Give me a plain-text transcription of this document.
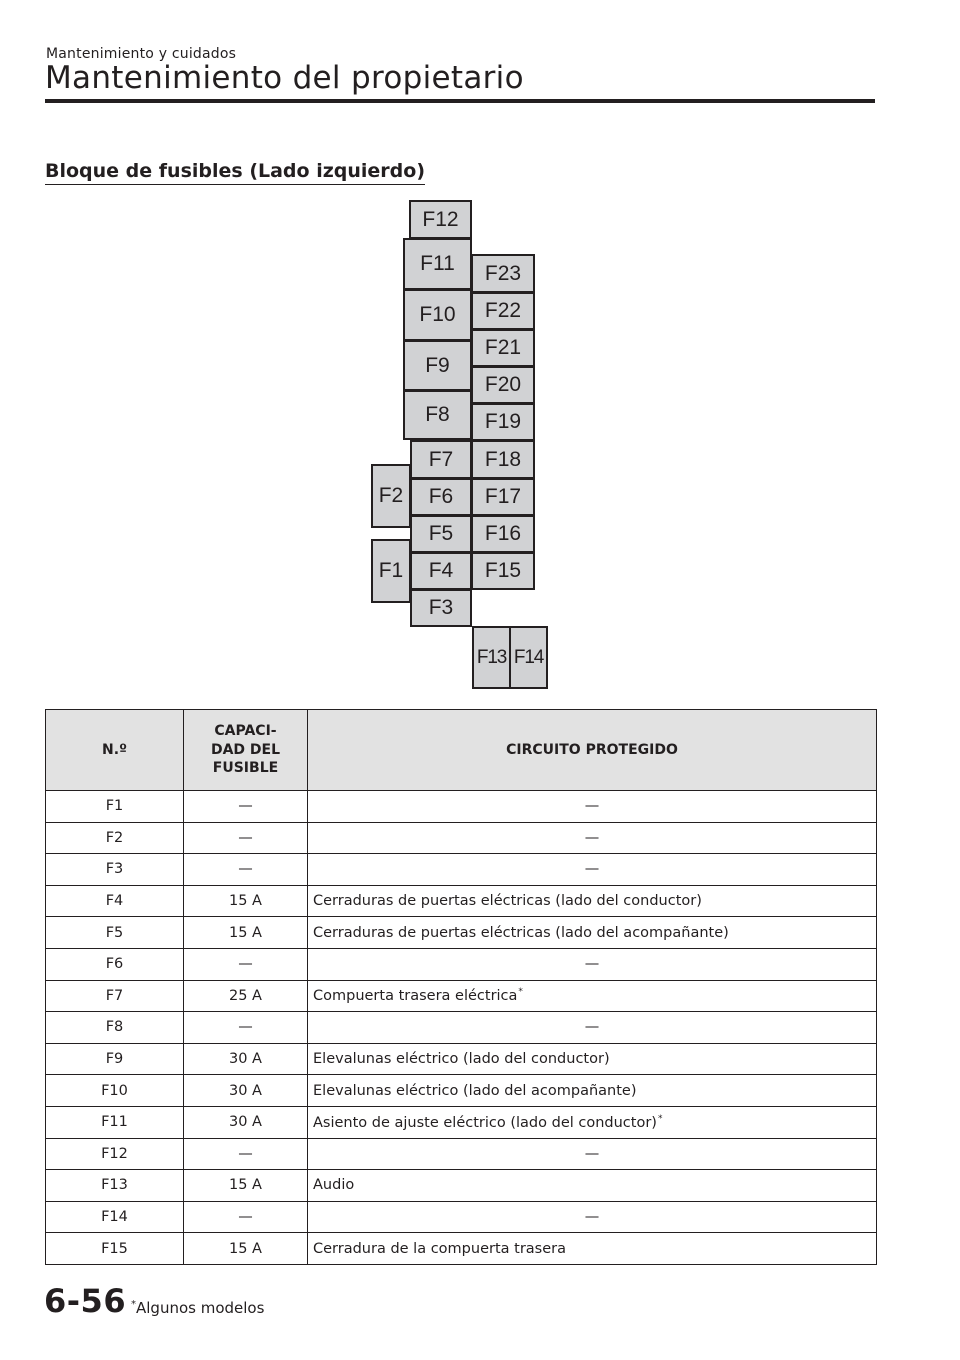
Mantenimiento y cuidados
Mantenimiento del propietario
Bloque de fusibles (Lado izquierdo)
F12
F11
F10
F9
F8
F23
F22
F21
F20
F19
F18
F17
F16
F15
F7
F6
F5
F4
F3
F2
F1
F13 F14
N.º	CAPACI-
DAD DEL
FUSIBLE	CIRCUITO PROTEGIDO
F1	—	—
F2	—	—
F3	—	—
F4	15 A	Cerraduras de puertas eléctricas (lado del conductor)
F5	15 A	Cerraduras de puertas eléctricas (lado del acompañante)
F6	—	—
F7	25 A	Compuerta trasera eléctrica*
F8	—	—
F9	30 A	Elevalunas eléctrico (lado del conductor)
F10	30 A	Elevalunas eléctrico (lado del acompañante)
F11	30 A	Asiento de ajuste eléctrico (lado del conductor)*
F12	—	—
F13	15 A	Audio
F14	—	—
F15	15 A	Cerradura de la compuerta trasera
6-56 *Algunos modelos
